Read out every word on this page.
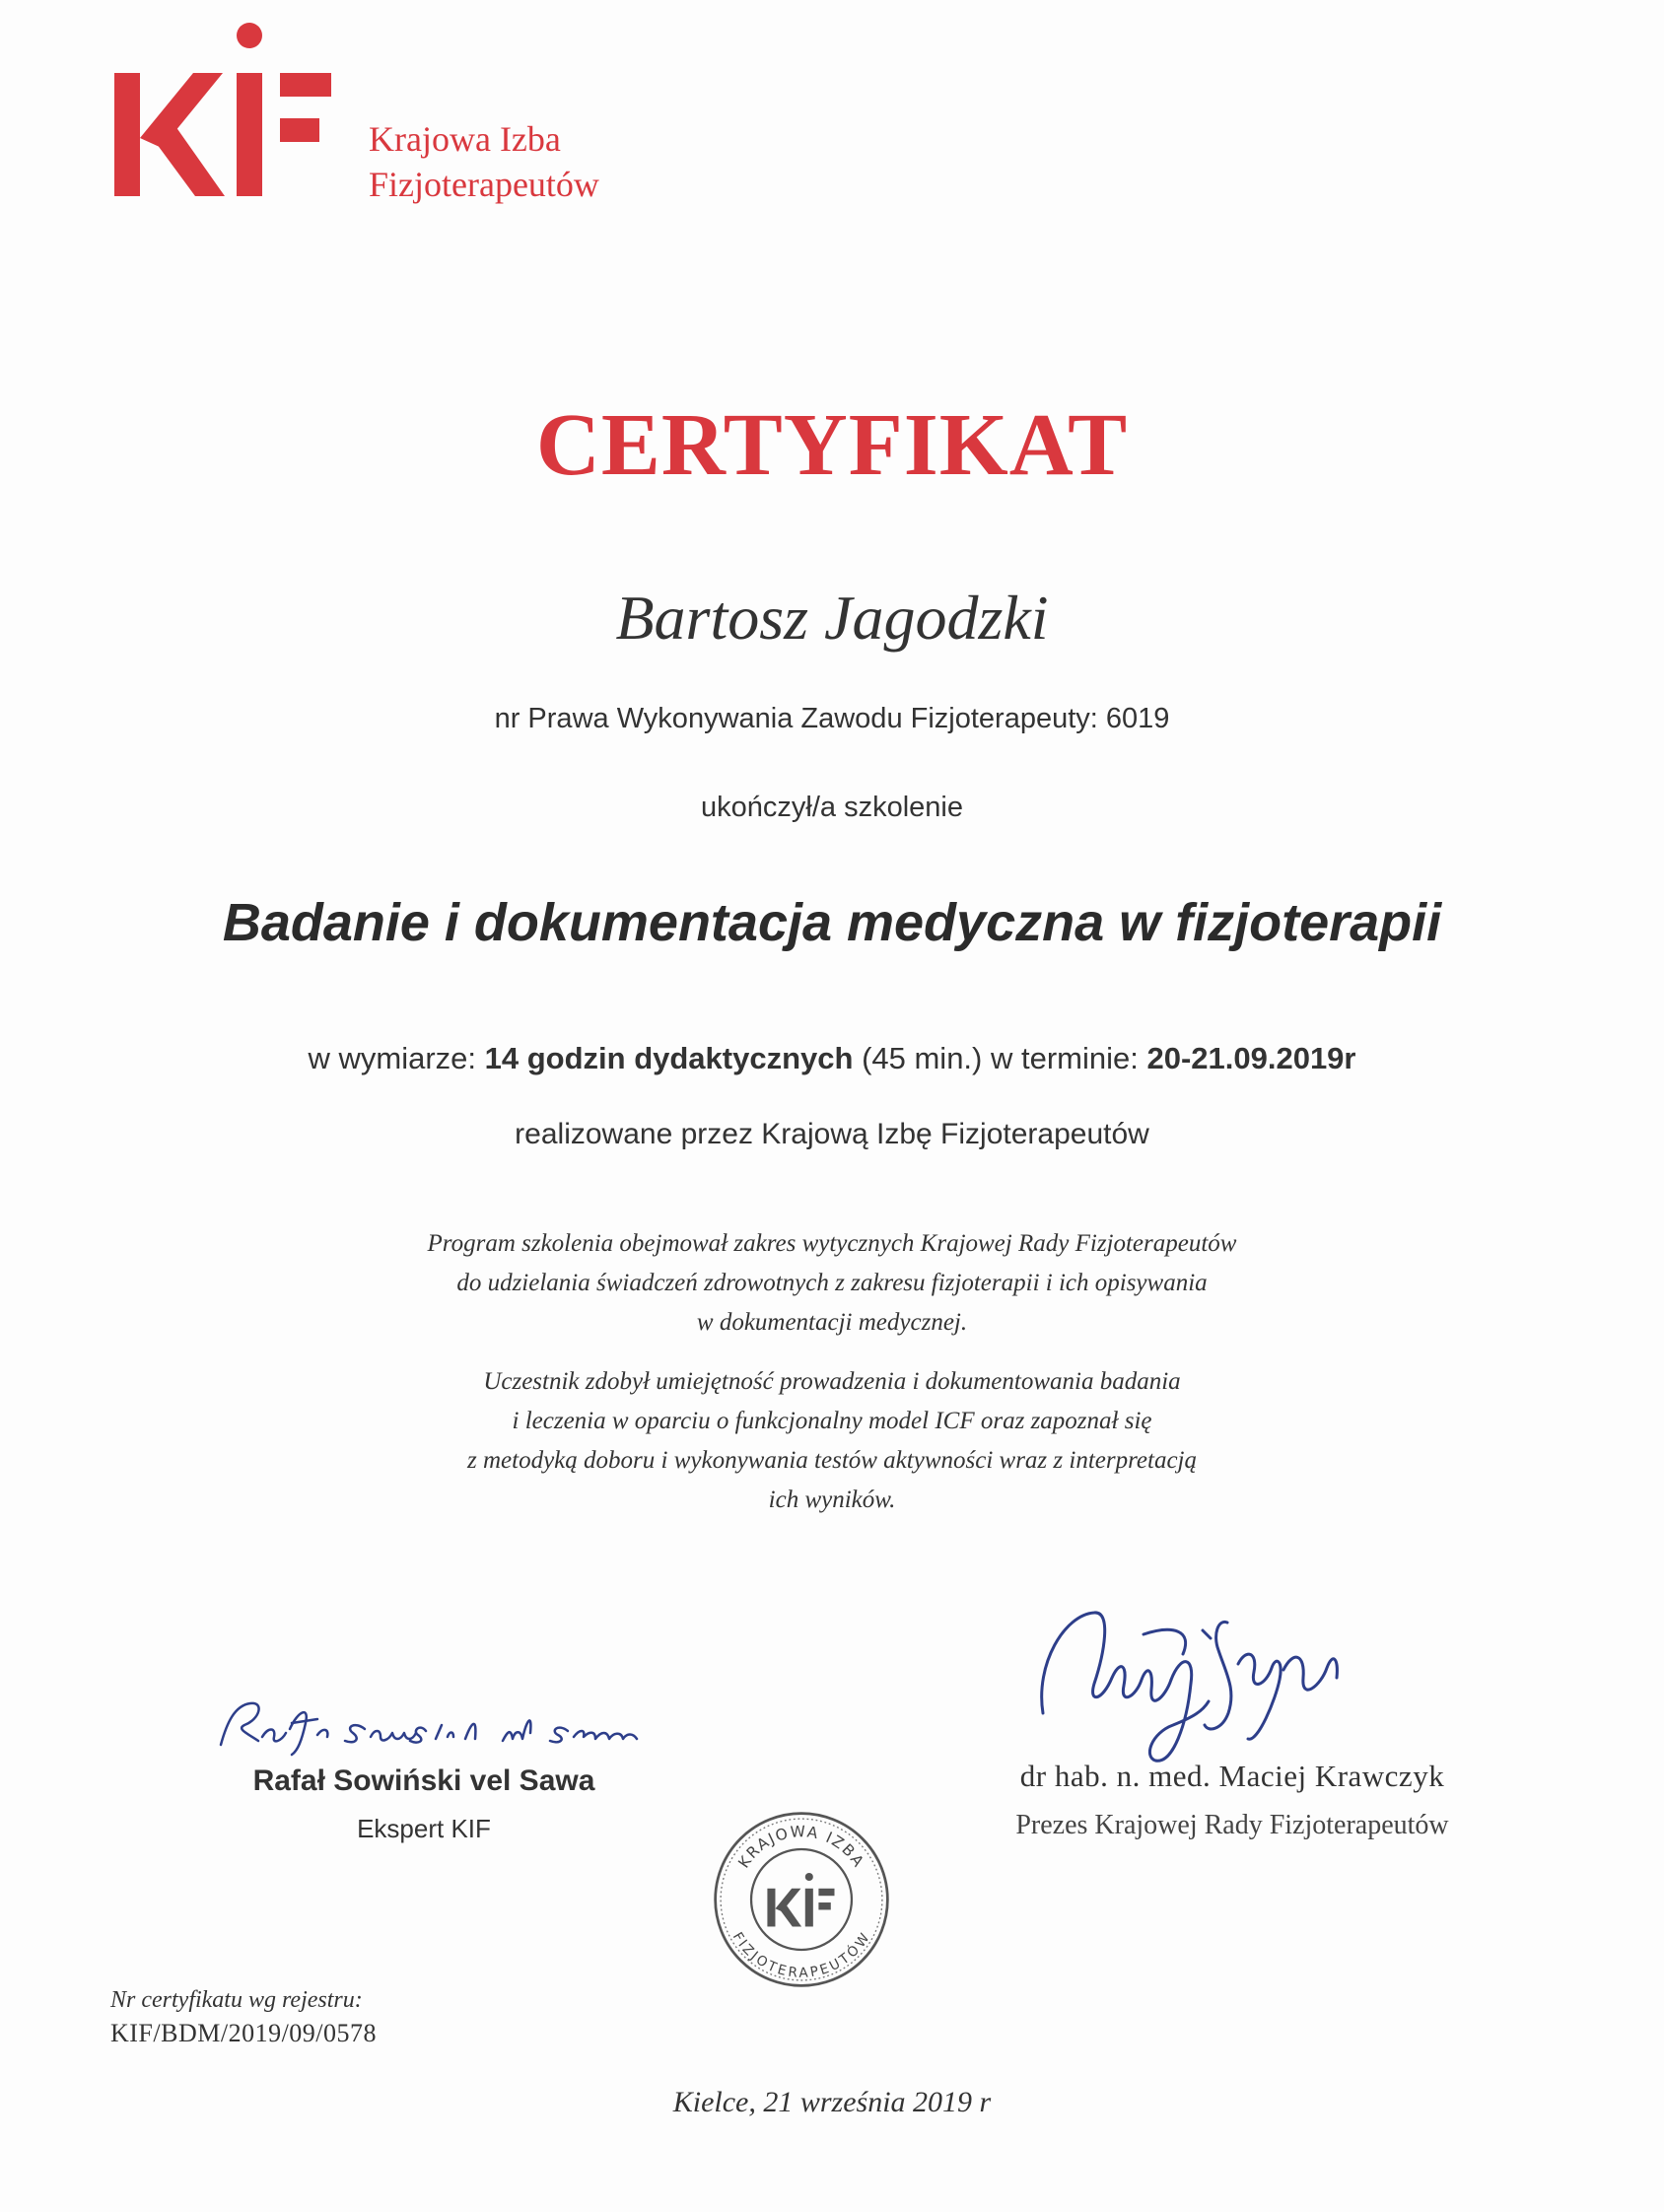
Krajowa Izba
Fizjoterapeutów
CERTYFIKAT
Bartosz Jagodzki
nr Prawa Wykonywania Zawodu Fizjoterapeuty: 6019
ukończył/a szkolenie
Badanie i dokumentacja medyczna w fizjoterapii
w wymiarze: 14 godzin dydaktycznych (45 min.) w terminie: 20-21.09.2019r
realizowane przez Krajową Izbę Fizjoterapeutów
Program szkolenia obejmował zakres wytycznych Krajowej Rady Fizjoterapeutów
do udzielania świadczeń zdrowotnych z zakresu fizjoterapii i ich opisywania
w dokumentacji medycznej.
Uczestnik zdobył umiejętność prowadzenia i dokumentowania badania
i leczenia w oparciu o funkcjonalny model ICF oraz zapoznał się
z metodyką doboru i wykonywania testów aktywności wraz z interpretacją
ich wyników.
Rafał Sowiński vel Sawa
Ekspert KIF
dr hab. n. med. Maciej Krawczyk
Prezes Krajowej Rady Fizjoterapeutów
KRAJOWA IZBA
FIZJOTERAPEUTÓW
Nr certyfikatu wg rejestru:
KIF/BDM/2019/09/0578
Kielce, 21 września 2019 r
